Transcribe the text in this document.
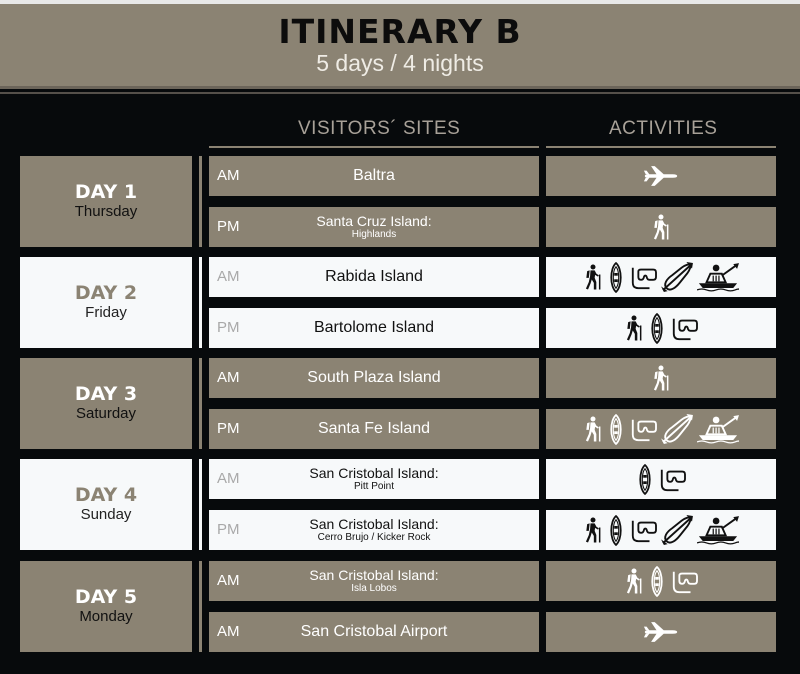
ITINERARY B
5 days / 4 nights
VISITORS´ SITES	ACTIVITIES
DAY 1
Thursday
AM	Baltra
PM	Santa Cruz Island:
Highlands
DAY 2
Friday
AM	Rabida Island
PM	Bartolome Island
DAY 3
Saturday
AM	South Plaza Island
PM	Santa Fe Island
DAY 4
Sunday
AM	San Cristobal Island:
Pitt Point
PM	San Cristobal Island:
Cerro Brujo / Kicker Rock
DAY 5
Monday
AM	San Cristobal Island:
Isla Lobos
AM	San Cristobal Airport
